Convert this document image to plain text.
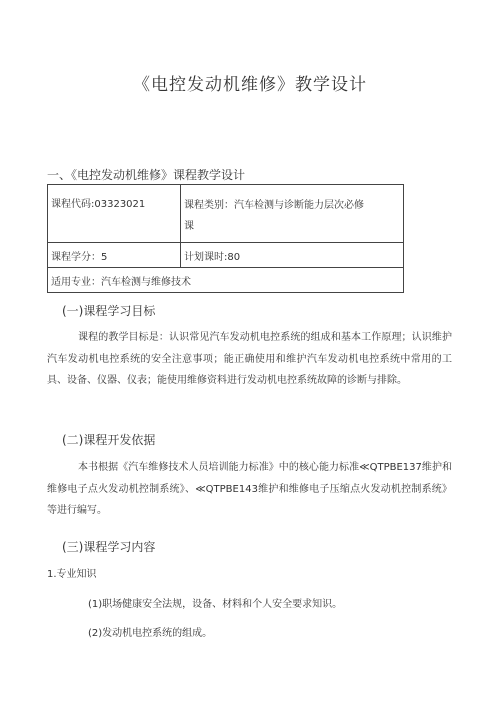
《电控发动机维修》教学设计
一、《电控发动机维修》课程教学设计
课程代码:03323021	课程类别：汽车检测与诊断能力层次必修
课

课程学分：5	计划课时:80
适用专业：汽车检测与维修技术	
(一)课程学习目标
课程的教学目标是：认识常见汽车发动机电控系统的组成和基本工作原理；认识维护汽车发动机电控系统的安全注意事项；能正确使用和维护汽车发动机电控系统中常用的工具、设备、仪器、仪表；能使用维修资料进行发动机电控系统故障的诊断与排除。
(二)课程开发依据
本书根据《汽车维修技术人员培训能力标准》中的核心能力标准≪QTPBE137维护和维修电子点火发动机控制系统》、≪QTPBE143维护和维修电子压缩点火发动机控制系统》等进行编写。
(三)课程学习内容
1.专业知识
(1)职场健康安全法规，设备、材料和个人安全要求知识。
(2)发动机电控系统的组成。
